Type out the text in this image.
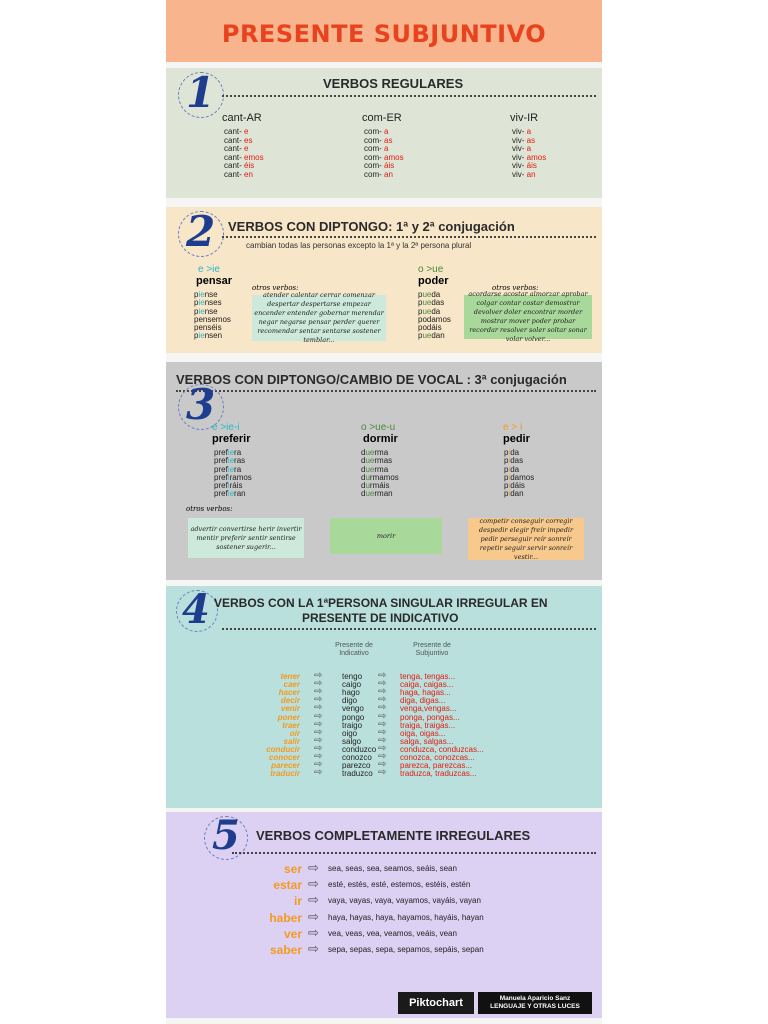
PRESENTE SUBJUNTIVO
1	VERBOS REGULARES
cant-AR
cant- e
cant- es
cant- e
cant- emos
cant- éis
cant- en
com-ER
com- a
com- as
com- a
com- amos
com- áis
com- an
viv-IR
viv- a
viv- as
viv- a
viv- amos
viv- áis
viv- an
2 VERBOS CON DIPTONGO: 1ª y 2ª conjugación
cambian todas las personas excepto la 1ª y la 2ª persona plural
e >ie
pensar
piense
pienses
piense
pensemos
penséis
piensen
otros verbos:
atender calentar cerrar comenzar despertar despertarse empezar encender entender gobernar merendar negar negarse pensar perder querer recomendar sentar sentarse sostener temblar...
o >ue
poder
pueda
puedas
pueda
podamos
podáis
puedan
otros verbos:
acordarse acostar almorzar aprobar colgar contar costar demostrar devolver doler encontrar morder mostrar mover poder probar recordar resolver soler soltar sonar volar volver...
VERBOS CON DIPTONGO/CAMBIO DE VOCAL : 3ª conjugación
3
e >ie-i
preferir
prefiera
prefieras
prefiera
prefiramos
prefiráis
prefieran
o >ue-u
dormir
duerma
duermas
duerma
durmamos
durmáis
duerman
e > i
pedir
pida
pidas
pida
pidamos
pidáis
pidan
otros verbos:
advertir convertirse herir invertir mentir preferir sentir sentirse sostener sugerir...
morir
competir conseguir corregir despedir elegir freír impedir pedir perseguir reír sonreír repetir seguir servir sonreír vestir...
4 VERBOS CON LA 1ªPERSONA SINGULAR IRREGULAR EN
PRESENTE DE INDICATIVO
Presente de Indicativo
Presente de Subjuntivo
tener ⇨ tengo ⇨ tenga, tengas...
caer ⇨ caigo ⇨ caiga, caigas...
hacer ⇨ hago ⇨ haga, hagas...
decir ⇨ digo ⇨ diga, digas...
venir ⇨ vengo ⇨ venga,vengas...
poner ⇨ pongo ⇨ ponga, pongas...
traer ⇨ traigo ⇨ traiga, traigas...
oír ⇨ oigo ⇨ oiga, oigas...
salir ⇨ salgo ⇨ salga, salgas...
conducir ⇨ conduzco ⇨ conduzca, conduzcas...
conocer ⇨ conozco ⇨ conozca, conozcas...
parecer ⇨ parezco ⇨ parezca, parezcas...
traducir ⇨ traduzco ⇨ traduzca, traduzcas...
5 VERBOS COMPLETAMENTE IRREGULARES
ser ⇨ sea, seas, sea, seamos, seáis, sean
estar ⇨ esté, estés, esté, estemos, estéis, estén
ir ⇨ vaya, vayas, vaya, vayamos, vayáis, vayan
haber ⇨ haya, hayas, haya, hayamos, hayáis, hayan
ver ⇨ vea, veas, vea, veamos, veáis, vean
saber ⇨ sepa, sepas, sepa, sepamos, sepáis, sepan
Piktochart	Manuela Aparicio Sanz
LENGUAJE Y OTRAS LUCES
